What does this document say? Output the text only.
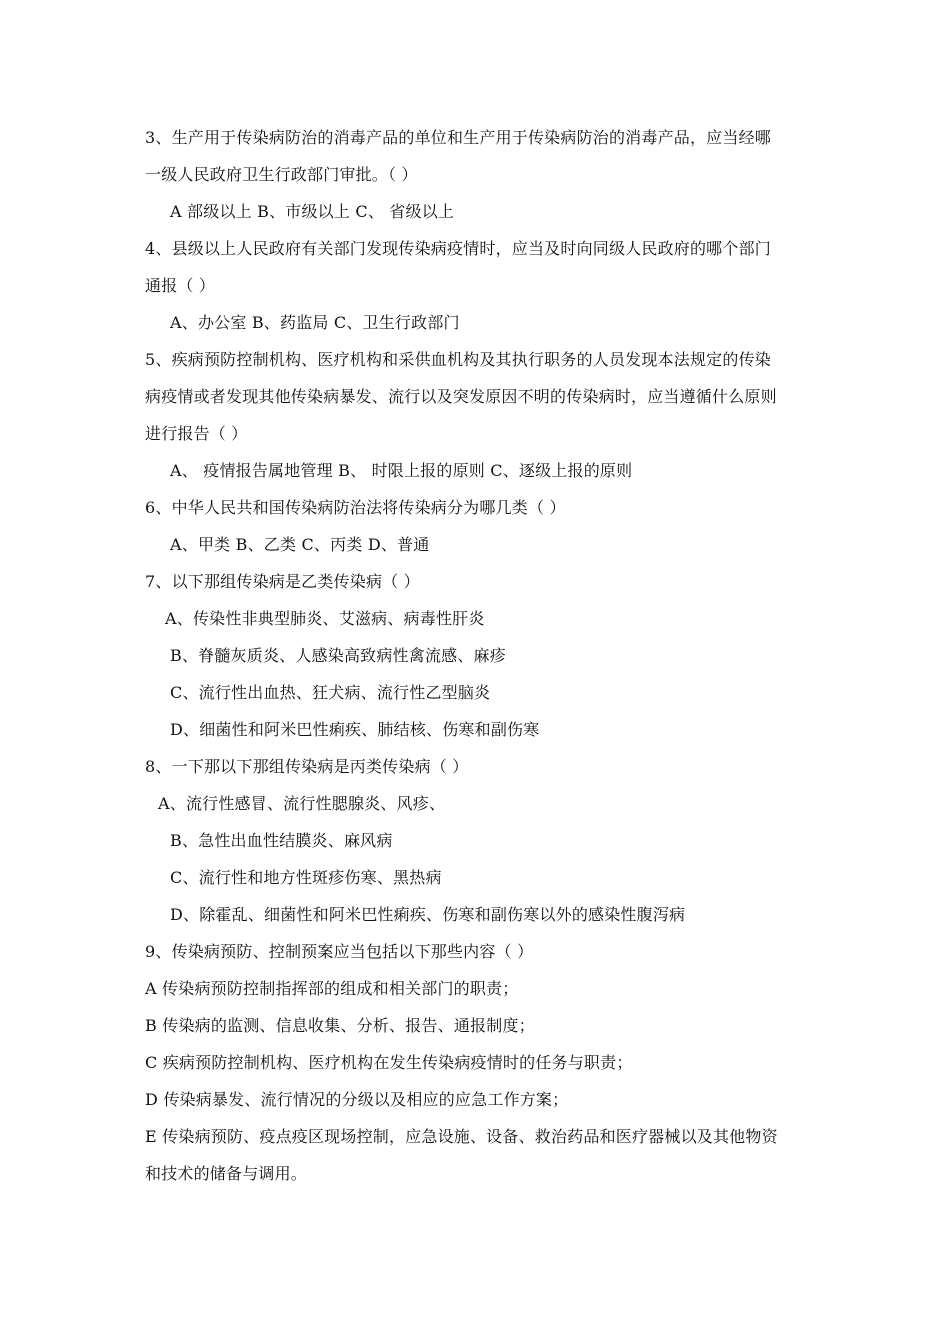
3、生产用于传染病防治的消毒产品的单位和生产用于传染病防治的消毒产品，应当经哪
一级人民政府卫生行政部门审批。（ ）
A 部级以上 B、市级以上 C、 省级以上
4、县级以上人民政府有关部门发现传染病疫情时，应当及时向同级人民政府的哪个部门
通报（ ）
A、办公室 B、药监局 C、卫生行政部门
5、疾病预防控制机构、医疗机构和采供血机构及其执行职务的人员发现本法规定的传染
病疫情或者发现其他传染病暴发、流行以及突发原因不明的传染病时，应当遵循什么原则
进行报告（ ）
A、 疫情报告属地管理 B、 时限上报的原则 C、逐级上报的原则
6、中华人民共和国传染病防治法将传染病分为哪几类（ ）
A、甲类 B、乙类 C、丙类 D、普通
7、以下那组传染病是乙类传染病（ ）
A、传染性非典型肺炎、艾滋病、病毒性肝炎
B、脊髓灰质炎、人感染高致病性禽流感、麻疹
C、流行性出血热、狂犬病、流行性乙型脑炎
D、细菌性和阿米巴性痢疾、肺结核、伤寒和副伤寒
8、一下那以下那组传染病是丙类传染病（ ）
A、流行性感冒、流行性腮腺炎、风疹、
B、急性出血性结膜炎、麻风病
C、流行性和地方性斑疹伤寒、黑热病
D、除霍乱、细菌性和阿米巴性痢疾、伤寒和副伤寒以外的感染性腹泻病
9、传染病预防、控制预案应当包括以下那些内容（ ）
A 传染病预防控制指挥部的组成和相关部门的职责；
B 传染病的监测、信息收集、分析、报告、通报制度；
C 疾病预防控制机构、医疗机构在发生传染病疫情时的任务与职责；
D 传染病暴发、流行情况的分级以及相应的应急工作方案；
E 传染病预防、疫点疫区现场控制，应急设施、设备、救治药品和医疗器械以及其他物资
和技术的储备与调用。
